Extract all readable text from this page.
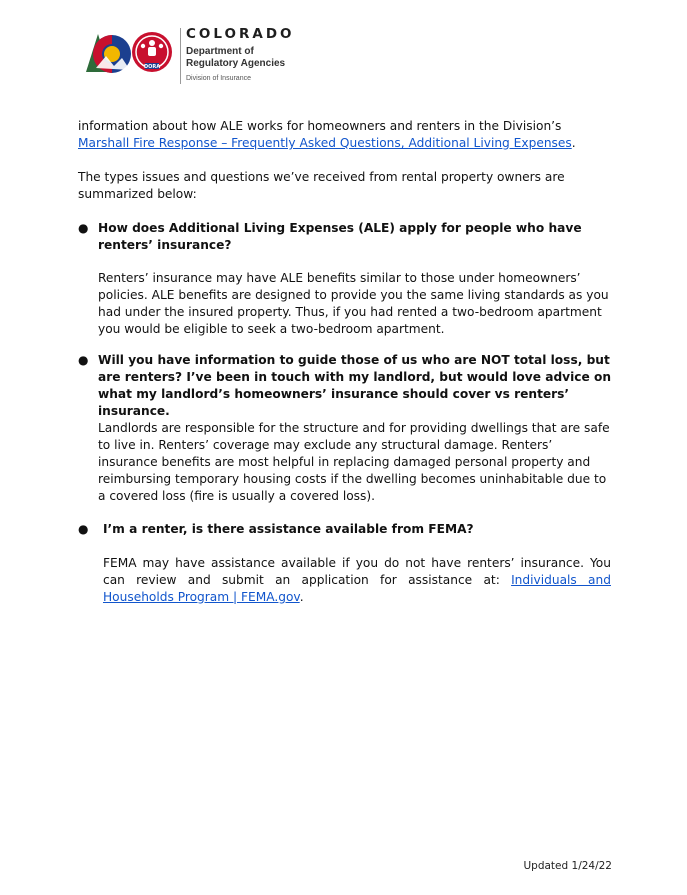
DORA
COLORADO
Department of
Regulatory Agencies
Division of Insurance

information about how ALE works for homeowners and renters in the Division’s Marshall Fire Response – Frequently Asked Questions, Additional Living Expenses.

The types issues and questions we’ve received from rental property owners are summarized below:

● How does Additional Living Expenses (ALE) apply for people who have renters’ insurance?

Renters’ insurance may have ALE benefits similar to those under homeowners’ policies. ALE benefits are designed to provide you the same living standards as you had under the insured property. Thus, if you had rented a two-bedroom apartment you would be eligible to seek a two-bedroom apartment.

● Will you have information to guide those of us who are NOT total loss, but are renters? I’ve been in touch with my landlord, but would love advice on what my landlord’s homeowners’ insurance should cover vs renters’ insurance.

Landlords are responsible for the structure and for providing dwellings that are safe to live in. Renters’ coverage may exclude any structural damage. Renters’ insurance benefits are most helpful in replacing damaged personal property and reimbursing temporary housing costs if the dwelling becomes uninhabitable due to a covered loss (fire is usually a covered loss).

●	I’m a renter, is there assistance available from FEMA?

FEMA may have assistance available if you do not have renters’ insurance. You can review and submit an application for assistance at: Individuals and Households Program | FEMA.gov.

Updated 1/24/22
